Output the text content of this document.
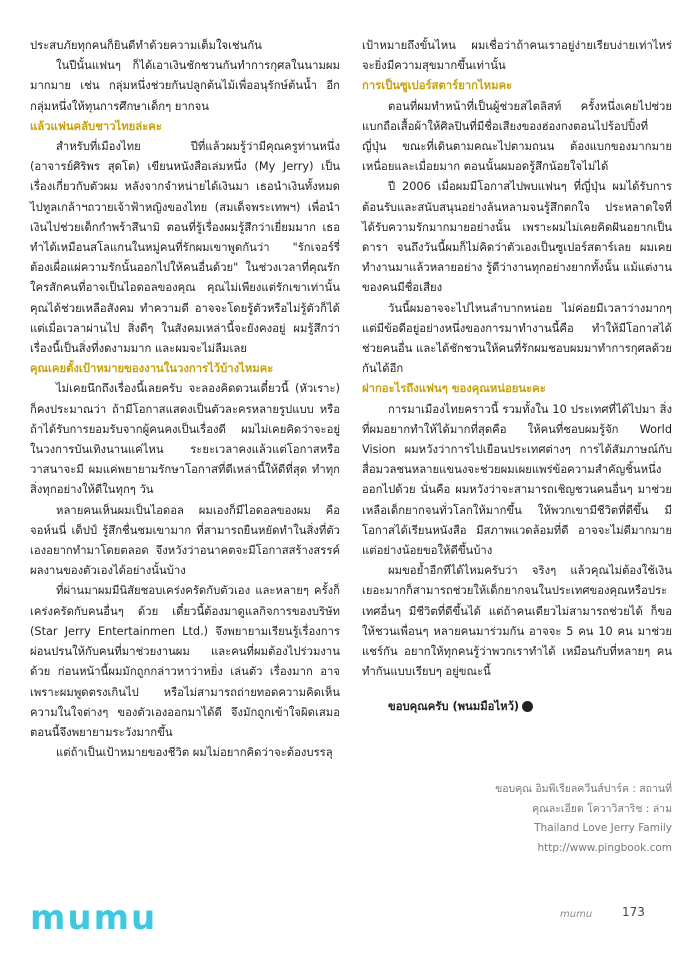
ประสบภัยทุกคนก็ยินดีทำด้วยความเต็มใจเช่นกัน

ในปีนั้นแฟนๆ ก็ได้เอาเงินชักชวนกันทำการกุศลในนามผมมากมาย เช่น กลุ่มหนึ่งช่วยกันปลูกต้นไม้เพื่ออนุรักษ์ต้นน้ำ อีกกลุ่มหนึ่งให้ทุนการศึกษาเด็กๆ ยากจน

แล้วแฟนคลับชาวไทยล่ะคะ

สำหรับที่เมืองไทย ปีที่แล้วผมรู้ว่ามีคุณครูท่านหนึ่ง (อาจารย์ศิริพร สุดโต) เขียนหนังสือเล่มหนึ่ง (My Jerry) เป็นเรื่องเกี่ยวกับตัวผม หลังจากจำหน่ายได้เงินมา เธอนำเงินทั้งหมดไปทูลเกล้าฯถวายเจ้าฟ้าหญิงของไทย (สมเด็จพระเทพฯ) เพื่อนำเงินไปช่วยเด็กกำพร้าสึนามิ ตอนที่รู้เรื่องผมรู้สึกว่าเยี่ยมมาก เธอทำได้เหมือนสโลแกนในหมู่คนที่รักผมเขาพูดกันว่า "รักเจอร์รี่ต้องเผื่อแผ่ความรักนั้นออกไปให้คนอื่นด้วย" ในช่วงเวลาที่คุณรักใครสักคนที่อาจเป็นไอดอลของคุณ คุณไม่เพียงแต่รักเขาเท่านั้น คุณได้ช่วยเหลือสังคม ทำความดี อาจจะโดยรู้ตัวหรือไม่รู้ตัวก็ได้ แต่เมื่อเวลาผ่านไป สิ่งดีๆ ในสังคมเหล่านี้จะยังคงอยู่ ผมรู้สึกว่าเรื่องนี้เป็นสิ่งที่งดงามมาก และผมจะไม่ลืมเลย

คุณเคยตั้งเป้าหมายของงานในวงการไว้บ้างไหมคะ

ไม่เคยนึกถึงเรื่องนี้เลยครับ จะลองคิดดวนเดี๋ยวนี้ (หัวเราะ) ก็คงประมาณว่า ถ้ามีโอกาสแสดงเป็นตัวละครหลายรูปแบบ หรือถ้าได้รับการยอมรับจากผู้คนคงเป็นเรื่องดี ผมไม่เคยคิดว่าจะอยู่ในวงการบันเทิงนานแค่ไหน ระยะเวลาคงแล้วแต่โอกาสหรือวาสนาจะมี ผมแค่พยายามรักษาโอกาสที่ดีเหล่านี้ให้ดีที่สุด ทำทุกสิ่งทุกอย่างให้ดีในทุกๆ วัน

หลายคนเห็นผมเป็นไอดอล ผมเองก็มีไอดอลของผม คือ จอห์นนี่ เด็ปป์ รู้สึกชื่นชมเขามาก ที่สามารถยืนหยัดทำในสิ่งที่ตัวเองอยากทำมาโดยตลอด จึงหวังว่าอนาคตจะมีโอกาสสร้างสรรค์ผลงานของตัวเองได้อย่างนั้นบ้าง

ที่ผ่านมาผมมีนิสัยชอบเคร่งครัดกับตัวเอง และหลายๆ ครั้งก็เคร่งครัดกับคนอื่นๆ ด้วย เดี๋ยวนี้ต้องมาดูแลกิจการของบริษัท (Star Jerry Entertainmen Ltd.) จึงพยายามเรียนรู้เรื่องการผ่อนปรนให้กับคนที่มาช่วยงานผม และคนที่ผมต้องไปร่วมงานด้วย ก่อนหน้านี้ผมมักถูกกล่าวหาว่าหยิ่ง เล่นตัว เรื่องมาก อาจเพราะผมพูดตรงเกินไป หรือไม่สามารถถ่ายทอดความคิดเห็นความในใจต่างๆ ของตัวเองออกมาได้ดี จึงมักถูกเข้าใจผิดเสมอ ตอนนี้จึงพยายามระวังมากขึ้น

แต่ถ้าเป็นเป้าหมายของชีวิต ผมไม่อยากคิดว่าจะต้องบรรลุ

เป้าหมายถึงขั้นไหน ผมเชื่อว่าถ้าคนเราอยู่ง่ายเรียบง่ายเท่าไหร่จะยิ่งมีความสุขมากขึ้นเท่านั้น

การเป็นซูเปอร์สตาร์ยากไหมคะ

ตอนที่ผมทำหน้าที่เป็นผู้ช่วยสไตลิสท์ ครั้งหนึ่งเคยไปช่วยแบกถือเสื้อผ้าให้ศิลปินที่มีชื่อเสียงของฮ่องกงตอนไปร้อปปิ้งที่ญี่ปุ่น ขณะที่เดินตามคณะไปตามถนน ต้องแบกของมากมาย เหนื่อยและเมื่อยมาก ตอนนั้นผมอดรู้สึกน้อยใจไม่ได้

ปี 2006 เมื่อผมมีโอกาสไปพบแฟนๆ ที่ญี่ปุ่น ผมได้รับการต้อนรับและสนับสนุนอย่างล้นหลามจนรู้สึกตกใจ ประหลาดใจที่ได้รับความรักมากมายอย่างนั้น เพราะผมไม่เคยคิดฝันอยากเป็นดารา จนถึงวันนี้ผมก็ไม่คิดว่าตัวเองเป็นซูเปอร์สตาร์เลย ผมเคยทำงานมาแล้วหลายอย่าง รู้ดีว่างานทุกอย่างยากทั้งนั้น แม้แต่งานของคนมีชื่อเสียง

วันนี้ผมอาจจะไปไหนลำบากหน่อย ไม่ค่อยมีเวลาว่างมากๆ แต่มีข้อดีอยู่อย่างหนึ่งของการมาทำงานนี้คือ ทำให้มีโอกาสได้ช่วยคนอื่น และได้ชักชวนให้คนที่รักผมชอบผมมาทำการกุศลด้วยกันได้อีก

ฝากอะไรถึงแฟนๆ ของคุณหน่อยนะคะ

การมาเมืองไทยคราวนี้ รวมทั้งใน 10 ประเทศที่ได้ไปมา สิ่งที่ผมอยากทำให้ได้มากที่สุดคือ ให้คนที่ชอบผมรู้จัก World Vision ผมหวังว่าการไปเยือนประเทศต่างๆ การได้สัมภาษณ์กับสื่อมวลชนหลายแขนงจะช่วยผมเผยแพร่ข้อความสำคัญชิ้นหนึ่งออกไปด้วย นั่นคือ ผมหวังว่าจะสามารถเชิญชวนคนอื่นๆ มาช่วยเหลือเด็กยากจนทั่วโลกให้มากขึ้น ให้พวกเขามีชีวิตที่ดีขึ้น มีโอกาสได้เรียนหนังสือ มีสภาพแวดล้อมที่ดี อาจจะไม่ดีมากมาย แต่อย่างน้อยขอให้ดีขึ้นบ้าง

ผมขอย้ำอีกทีได้ไหมครับว่า จริงๆ แล้วคุณไม่ต้องใช้เงินเยอะมากก็สามารถช่วยให้เด็กยากจนในประเทศของคุณหรือประเทศอื่นๆ มีชีวิตที่ดีขึ้นได้ แต่ถ้าคนเดียวไม่สามารถช่วยได้ ก็ขอให้ชวนเพื่อนๆ หลายคนมาร่วมกัน อาจจะ 5 คน 10 คน มาช่วยแชร์กัน อยากให้ทุกคนรู้ว่าพวกเราทำได้ เหมือนกับที่หลายๆ คนทำกันแบบเรียบๆ อยู่ขณะนี้

ขอบคุณครับ (พนมมือไหว้)	☺

ขอบคุณ อิมพีเรียลควีนส์ปาร์ค : สถานที่
คุณละเอียด โควาวิสาริช : ล่าม
Thailand Love Jerry Family
http://www.pingbook.com
mumu	mumu 173
